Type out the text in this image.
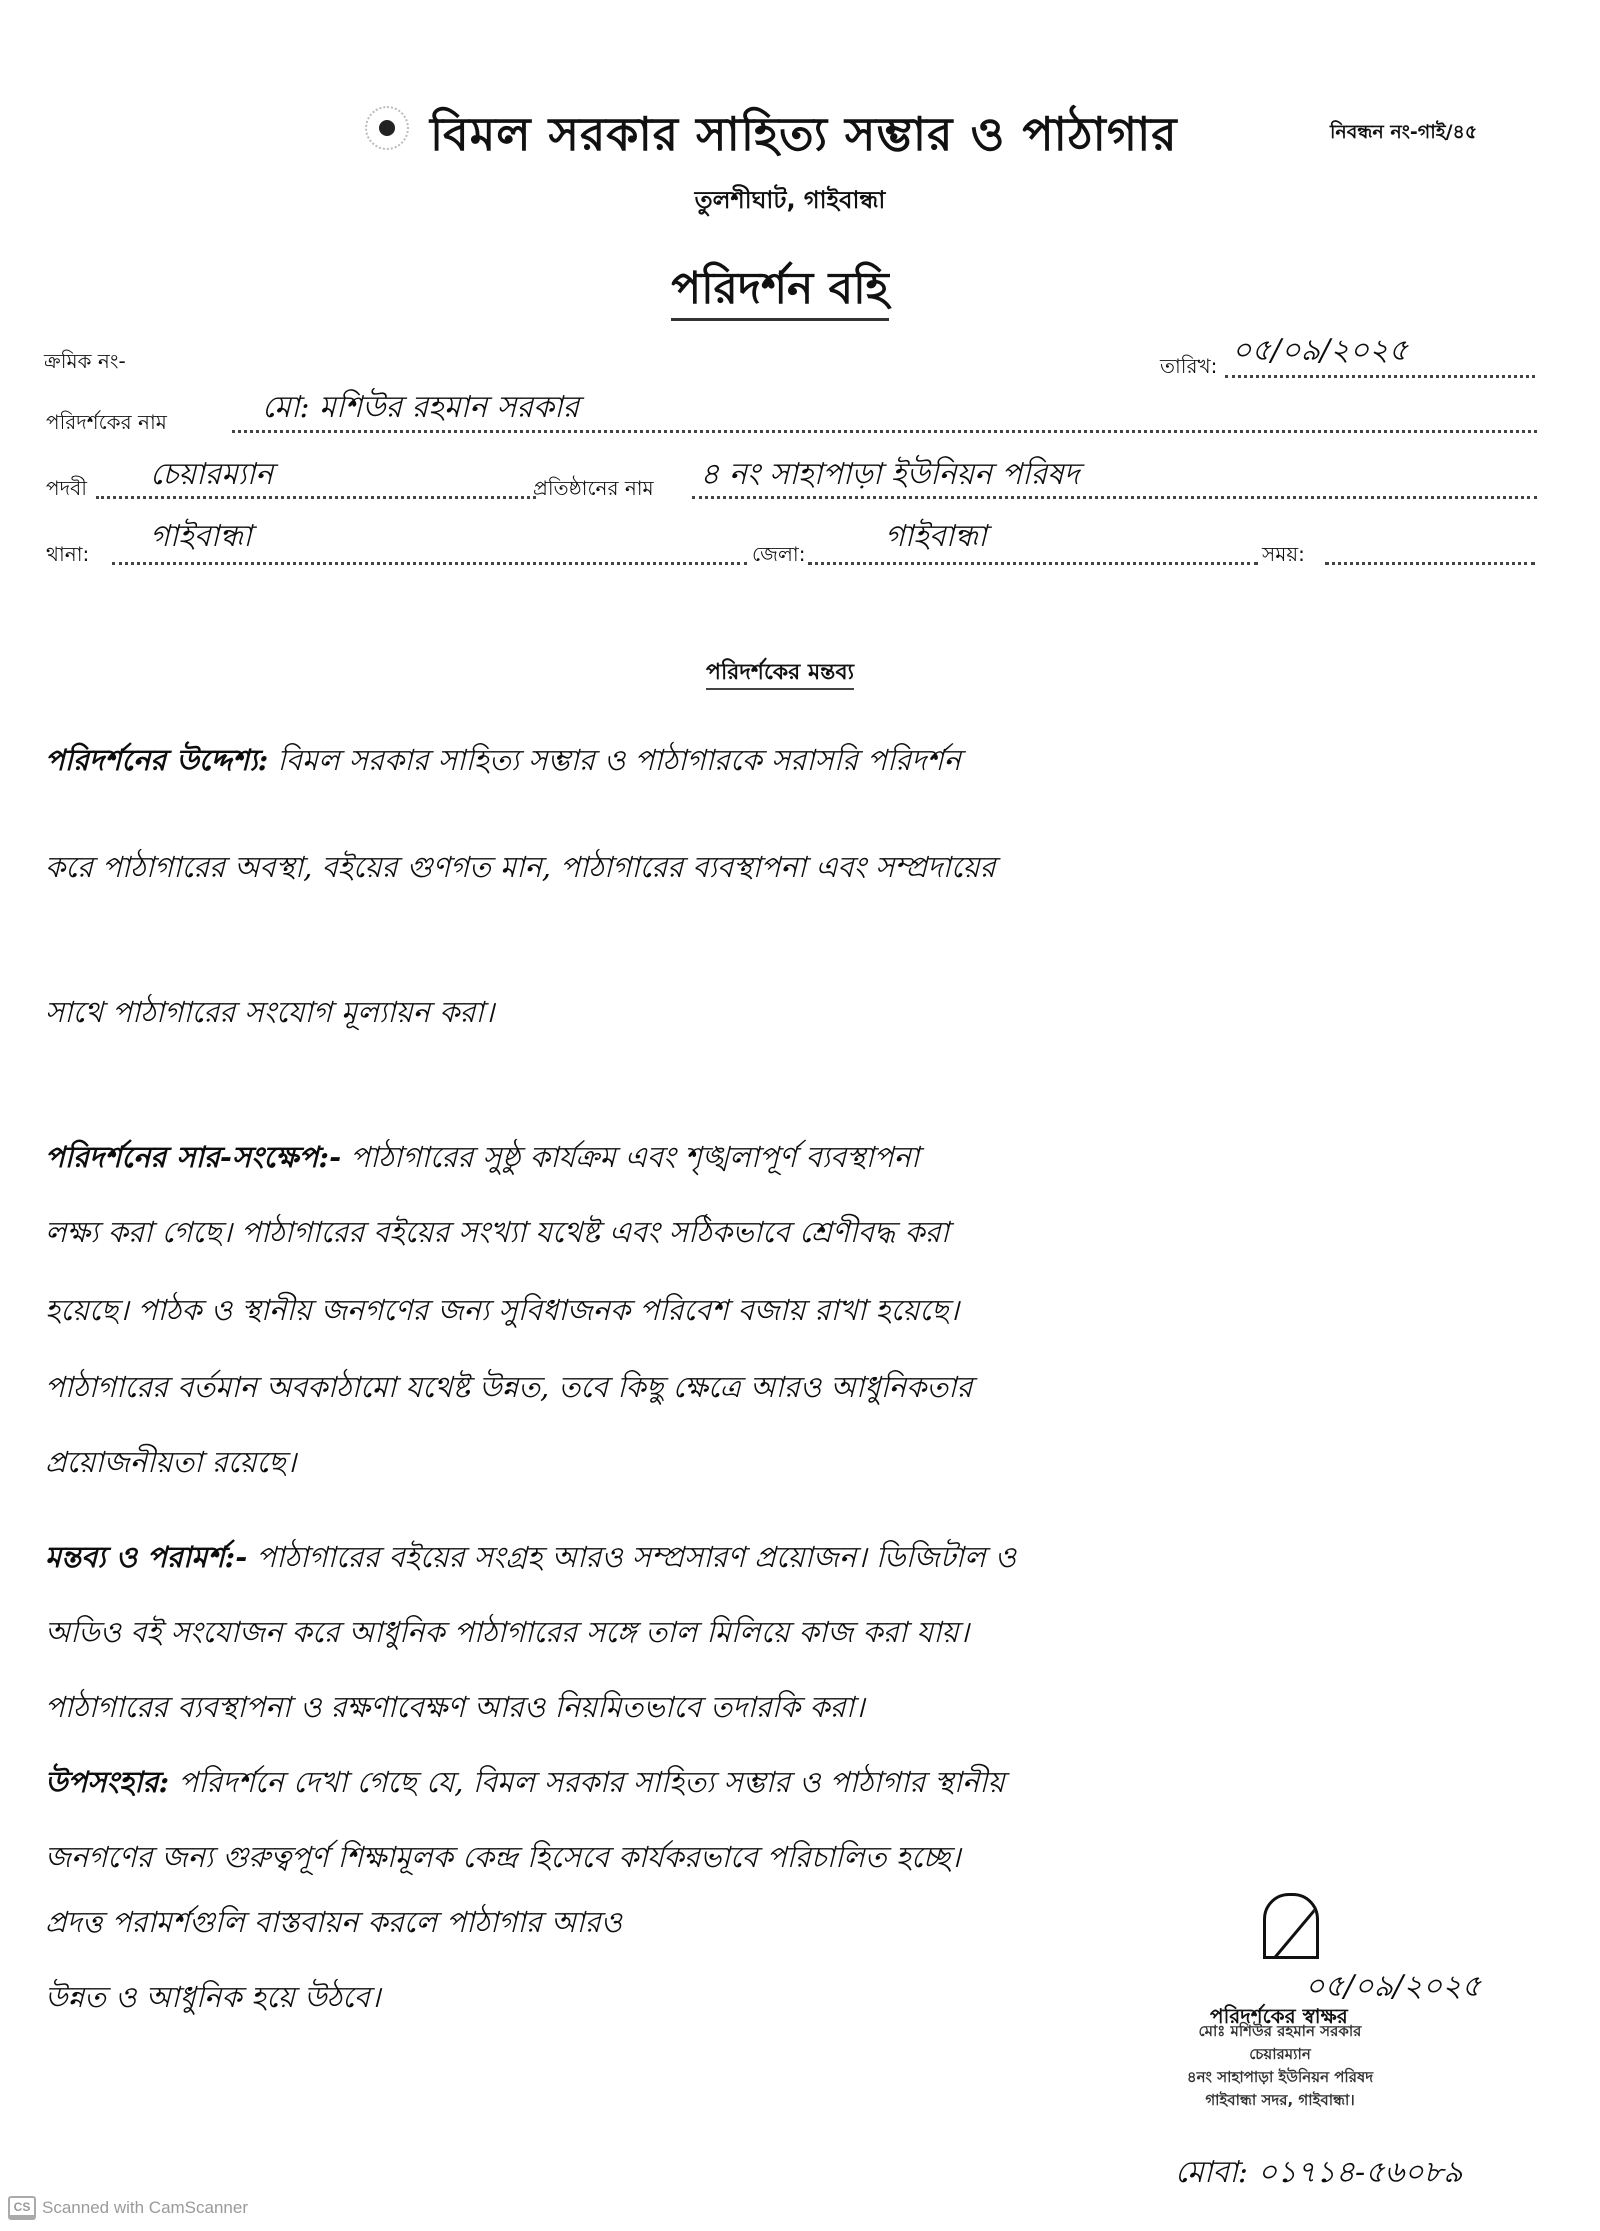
বিমল সরকার সাহিত্য সম্ভার ও পাঠাগার	নিবন্ধন নং-গাই/৪৫
তুলশীঘাট, গাইবান্ধা
পরিদর্শন বহি
ক্রমিক নং-	তারিখ: ০৫/০৯/২০২৫
পরিদর্শকের নাম	মো: মশিউর রহমান সরকার
পদবী চেয়ারম্যান	প্রতিষ্ঠানের নাম ৪ নং সাহাপাড়া ইউনিয়ন পরিষদ
থানা: গাইবান্ধা	জেলা:	গাইবান্ধা	সময়:
পরিদর্শকের মন্তব্য
পরিদর্শনের উদ্দেশ্য: বিমল সরকার সাহিত্য সম্ভার ও পাঠাগারকে সরাসরি পরিদর্শন
করে পাঠাগারের অবস্থা, বইয়ের গুণগত মান, পাঠাগারের ব্যবস্থাপনা এবং সম্প্রদায়ের
সাথে পাঠাগারের সংযোগ মূল্যায়ন করা।
পরিদর্শনের সার-সংক্ষেপ:- পাঠাগারের সুষ্ঠু কার্যক্রম এবং শৃঙ্খলাপূর্ণ ব্যবস্থাপনা
লক্ষ্য করা গেছে। পাঠাগারের বইয়ের সংখ্যা যথেষ্ট এবং সঠিকভাবে শ্রেণীবদ্ধ করা
হয়েছে। পাঠক ও স্থানীয় জনগণের জন্য সুবিধাজনক পরিবেশ বজায় রাখা হয়েছে।
পাঠাগারের বর্তমান অবকাঠামো যথেষ্ট উন্নত, তবে কিছু ক্ষেত্রে আরও আধুনিকতার
প্রয়োজনীয়তা রয়েছে।
মন্তব্য ও পরামর্শ:- পাঠাগারের বইয়ের সংগ্রহ আরও সম্প্রসারণ প্রয়োজন। ডিজিটাল ও
অডিও বই সংযোজন করে আধুনিক পাঠাগারের সঙ্গে তাল মিলিয়ে কাজ করা যায়।
পাঠাগারের ব্যবস্থাপনা ও রক্ষণাবেক্ষণ আরও নিয়মিতভাবে তদারকি করা।
উপসংহার: পরিদর্শনে দেখা গেছে যে, বিমল সরকার সাহিত্য সম্ভার ও পাঠাগার স্থানীয়
জনগণের জন্য গুরুত্বপূর্ণ শিক্ষামূলক কেন্দ্র হিসেবে কার্যকরভাবে পরিচালিত হচ্ছে।
প্রদত্ত পরামর্শগুলি বাস্তবায়ন করলে পাঠাগার আরও
উন্নত ও আধুনিক হয়ে উঠবে।	০৫/০৯/২০২৫
পরিদর্শকের স্বাক্ষর
মোঃ মশিউর রহমান সরকার
চেয়ারম্যান
৪নং সাহাপাড়া ইউনিয়ন পরিষদ
গাইবান্ধা সদর, গাইবান্ধা।
মোবা: ০১৭১৪-৫৬০৮৯
CS Scanned with CamScanner
